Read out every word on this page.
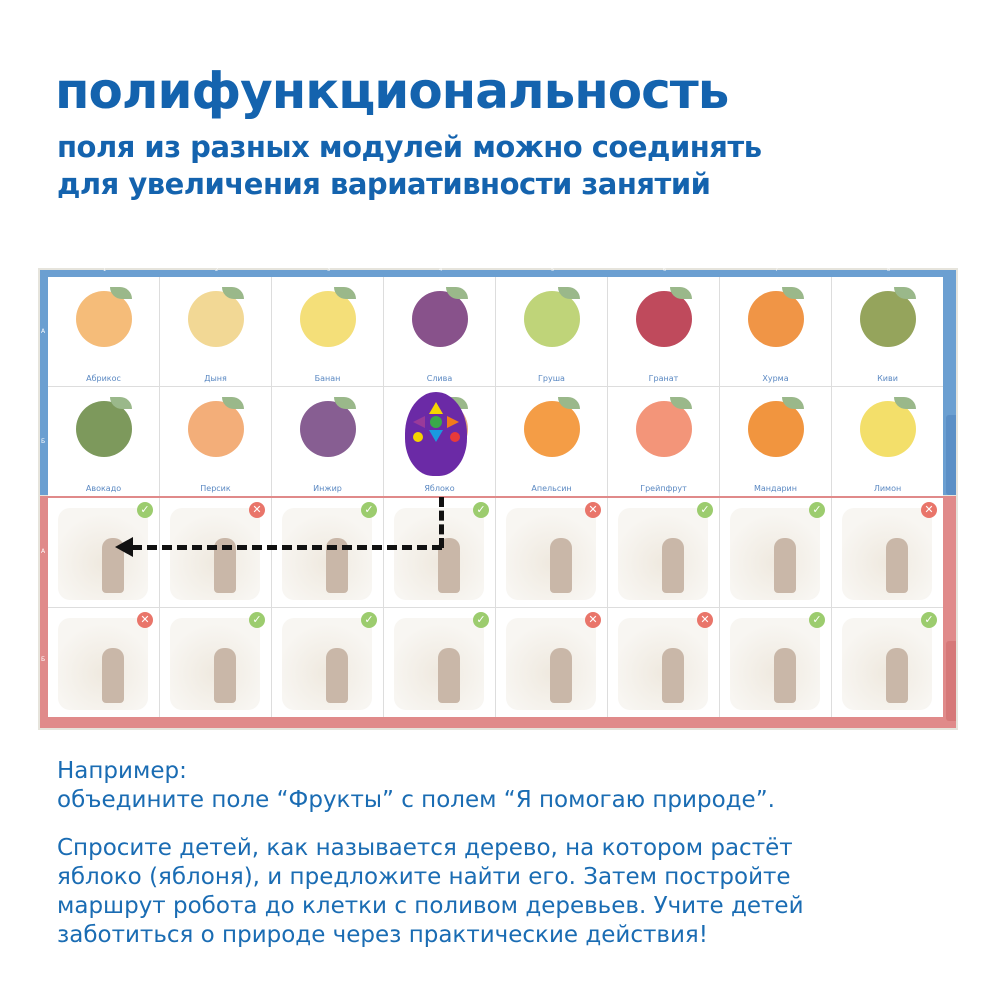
полифункциональность
поля из разных модулей можно соединять
для увеличения вариативности занятий
Абрикос	Дыня	Банан	Слива	Груша	Гранат	Хурма	Киви
Авокадо	Персик	Инжир	Яблоко	Апельсин	Грейпфрут	Мандарин	Лимон
А
Б
✓	✕	✓	✓	✕	✓	✓	✕
✕	✓	✓	✓	✕	✕	✓	✓
А
Б
1	2	3	4	5	6	7	8
Например:
объедините поле “Фрукты” с полем “Я помогаю природе”.
Спросите детей, как называется дерево, на котором растёт
яблоко (яблоня), и предложите найти его. Затем постройте
маршрут робота до клетки с поливом деревьев. Учите детей
заботиться о природе через практические действия!
